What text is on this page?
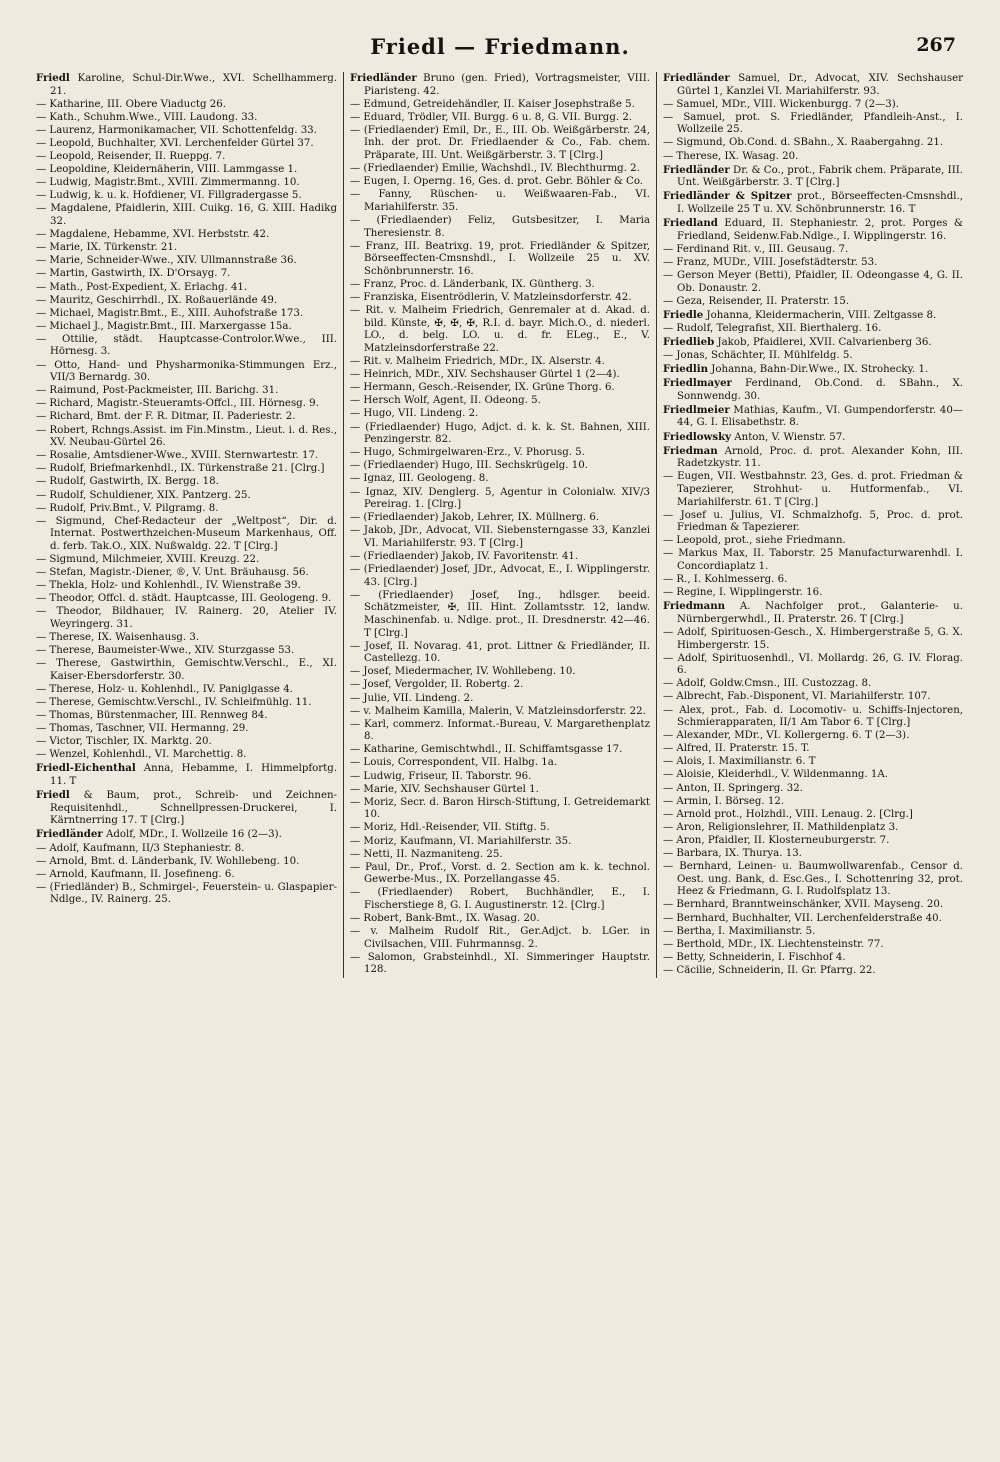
Friedl — Friedmann.	267
Friedl Karoline, Schul-Dir.Wwe., XVI. Schellhammerg. 21.
— Katharine, III. Obere Viaductg 26.
— Kath., Schuhm.Wwe., VIII. Laudong. 33.
— Laurenz, Harmonikamacher, VII. Schottenfeldg. 33.
— Leopold, Buchhalter, XVI. Lerchenfelder Gürtel 37.
— Leopold, Reisender, II. Rueppg. 7.
— Leopoldine, Kleidernäherin, VIII. Lammgasse 1.
— Ludwig, Magistr.Bmt., XVIII. Zimmermanng. 10.
— Ludwig, k. u. k. Hofdiener, VI. Fillgradergasse 5.
— Magdalene, Pfaidlerin, XIII. Cuikg. 16, G. XIII. Hadikg 32.
— Magdalene, Hebamme, XVI. Herbststr. 42.
— Marie, IX. Türkenstr. 21.
— Marie, Schneider-Wwe., XIV. Ullmannstraße 36.
— Martin, Gastwirth, IX. D'Orsayg. 7.
— Math., Post-Expedient, X. Erlachg. 41.
— Mauritz, Geschirrhdl., IX. Roßauerlände 49.
— Michael, Magistr.Bmt., E., XIII. Auhofstraße 173.
— Michael J., Magistr.Bmt., III. Marxergasse 15a.
— Ottilie, städt. Hauptcasse-Controlor.Wwe., III. Hörnesg. 3.
— Otto, Hand- und Physharmonika-Stimmungen Erz., VII/3 Bernardg. 30.
— Raimund, Post-Packmeister, III. Barichg. 31.
— Richard, Magistr.-Steueramts-Offcl., III. Hörnesg. 9.
— Richard, Bmt. der F. R. Ditmar, II. Paderiestr. 2.
— Robert, Rchngs.Assist. im Fin.Minstm., Lieut. i. d. Res., XV. Neubau-Gürtel 26.
— Rosalie, Amtsdiener-Wwe., XVIII. Sternwartestr. 17.
— Rudolf, Briefmarkenhdl., IX. Türkenstraße 21. [Clrg.]
— Rudolf, Gastwirth, IX. Bergg. 18.
— Rudolf, Schuldiener, XIX. Pantzerg. 25.
— Rudolf, Priv.Bmt., V. Pilgramg. 8.
— Sigmund, Chef-Redacteur der „Weltpost“, Dir. d. Internat. Postwerthzeichen-Museum Markenhaus, Off. d. ferb. Tak.O., XIX. Nußwaldg. 22. T [Clrg.]
— Sigmund, Milchmeier, XVIII. Kreuzg. 22.
— Stefan, Magistr.-Diener, ®, V. Unt. Bräuhausg. 56.
— Thekla, Holz- und Kohlenhdl., IV. Wienstraße 39.
— Theodor, Offcl. d. städt. Hauptcasse, III. Geologeng. 9.
— Theodor, Bildhauer, IV. Rainerg. 20, Atelier IV. Weyringerg. 31.
— Therese, IX. Waisenhausg. 3.
— Therese, Baumeister-Wwe., XIV. Sturzgasse 53.
— Therese, Gastwirthin, Gemischtw.Verschl., E., XI. Kaiser-Ebersdorferstr. 30.
— Therese, Holz- u. Kohlenhdl., IV. Paniglgasse 4.
— Therese, Gemischtw.Verschl., IV. Schleifmühlg. 11.
— Thomas, Bürstenmacher, III. Rennweg 84.
— Thomas, Taschner, VII. Hermanng. 29.
— Victor, Tischler, IX. Marktg. 20.
— Wenzel, Kohlenhdl., VI. Marchettig. 8.
Friedl-Eichenthal Anna, Hebamme, I. Himmelpfortg. 11. T
Friedl & Baum, prot., Schreib- und Zeichnen-Requisitenhdl., Schnellpressen-Druckerei, I. Kärntnerring 17. T [Clrg.]
Friedländer Adolf, MDr., I. Wollzeile 16 (2—3).
— Adolf, Kaufmann, II/3 Stephaniestr. 8.
— Arnold, Bmt. d. Länderbank, IV. Wohllebeng. 10.
— Arnold, Kaufmann, II. Josefineng. 6.
— (Friedländer) B., Schmirgel-, Feuerstein- u. Glaspapier-Ndlge., IV. Rainerg. 25.
Friedländer Bruno (gen. Fried), Vortragsmeister, VIII. Piaristeng. 42.
— Edmund, Getreidehändler, II. Kaiser Josephstraße 5.
— Eduard, Trödler, VII. Burgg. 6 u. 8, G. VII. Burgg. 2.
— (Friedlaender) Emil, Dr., E., III. Ob. Weißgärberstr. 24, Inh. der prot. Dr. Friedlaender & Co., Fab. chem. Präparate, III. Unt. Weißgärberstr. 3. T [Clrg.]
— (Friedlaender) Emilie, Wachshdl., IV. Blechthurmg. 2.
— Eugen, I. Operng. 16, Ges. d. prot. Gebr. Böhler & Co.
— Fanny, Rüschen- u. Weißwaaren-Fab., VI. Mariahilferstr. 35.
— (Friedlaender) Feliz, Gutsbesitzer, I. Maria Theresienstr. 8.
— Franz, III. Beatrixg. 19, prot. Friedländer & Spitzer, Börseeffecten-Cmsnshdl., I. Wollzeile 25 u. XV. Schönbrunnerstr. 16.
— Franz, Proc. d. Länderbank, IX. Güntherg. 3.
— Franziska, Eisentrödlerin, V. Matzleinsdorferstr. 42.
— Rit. v. Malheim Friedrich, Genremaler at d. Akad. d. bild. Künste, ✠, ✠, ✠, R.I. d. bayr. Mich.O., d. niederl. LO., d. belg. LO. u. d. fr. ELeg., E., V. Matzleinsdorferstraße 22.
— Rit. v. Malheim Friedrich, MDr., IX. Alserstr. 4.
— Heinrich, MDr., XIV. Sechshauser Gürtel 1 (2—4).
— Hermann, Gesch.-Reisender, IX. Grüne Thorg. 6.
— Hersch Wolf, Agent, II. Odeong. 5.
— Hugo, VII. Lindeng. 2.
— (Friedlaender) Hugo, Adjct. d. k. k. St. Bahnen, XIII. Penzingerstr. 82.
— Hugo, Schmirgelwaren-Erz., V. Phorusg. 5.
— (Friedlaender) Hugo, III. Sechskrügelg. 10.
— Ignaz, III. Geologeng. 8.
— Ignaz, XIV. Denglerg. 5, Agentur in Colonialw. XIV/3 Pereirag. 1. [Clrg.]
— (Friedlaender) Jakob, Lehrer, IX. Müllnerg. 6.
— Jakob, JDr., Advocat, VII. Siebensterngasse 33, Kanzlei VI. Mariahilferstr. 93. T [Clrg.]
— (Friedlaender) Jakob, IV. Favoritenstr. 41.
— (Friedlaender) Josef, JDr., Advocat, E., I. Wipplingerstr. 43. [Clrg.]
— (Friedlaender) Josef, Ing., hdlsger. beeid. Schätzmeister, ✠, III. Hint. Zollamtsstr. 12, landw. Maschinenfab. u. Ndlge. prot., II. Dresdnerstr. 42—46. T [Clrg.]
— Josef, II. Novarag. 41, prot. Littner & Friedländer, II. Castellezg. 10.
— Josef, Miedermacher, IV. Wohllebeng. 10.
— Josef, Vergolder, II. Robertg. 2.
— Julie, VII. Lindeng. 2.
— v. Malheim Kamilla, Malerin, V. Matzleinsdorferstr. 22.
— Karl, commerz. Informat.-Bureau, V. Margarethenplatz 8.
— Katharine, Gemischtwhdl., II. Schiffamtsgasse 17.
— Louis, Correspondent, VII. Halbg. 1a.
— Ludwig, Friseur, II. Taborstr. 96.
— Marie, XIV. Sechshauser Gürtel 1.
— Moriz, Secr. d. Baron Hirsch-Stiftung, I. Getreidemarkt 10.
— Moriz, Hdl.-Reisender, VII. Stiftg. 5.
— Moriz, Kaufmann, VI. Mariahilferstr. 35.
— Netti, II. Nazmaniteng. 25.
— Paul, Dr., Prof., Vorst. d. 2. Section am k. k. technol. Gewerbe-Mus., IX. Porzellangasse 45.
— (Friedlaender) Robert, Buchhändler, E., I. Fischerstiege 8, G. I. Augustinerstr. 12. [Clrg.]
— Robert, Bank-Bmt., IX. Wasag. 20.
— v. Malheim Rudolf Rit., Ger.Adjct. b. LGer. in Civilsachen, VIII. Fuhrmannsg. 2.
— Salomon, Grabsteinhdl., XI. Simmeringer Hauptstr. 128.
Friedländer Samuel, Dr., Advocat, XIV. Sechshauser Gürtel 1, Kanzlei VI. Mariahilferstr. 93.
— Samuel, MDr., VIII. Wickenburgg. 7 (2—3).
— Samuel, prot. S. Friedländer, Pfandleih-Anst., I. Wollzeile 25.
— Sigmund, Ob.Cond. d. SBahn., X. Raabergahng. 21.
— Therese, IX. Wasag. 20.
Friedländer Dr. & Co., prot., Fabrik chem. Präparate, III. Unt. Weißgärberstr. 3. T [Clrg.]
Friedländer & Spitzer prot., Börseeffecten-Cmsnshdl., I. Wollzeile 25 T u. XV. Schönbrunnerstr. 16. T
Friedland Eduard, II. Stephaniestr. 2, prot. Porges & Friedland, Seidenw.Fab.Ndlge., I. Wipplingerstr. 16.
— Ferdinand Rit. v., III. Geusaug. 7.
— Franz, MUDr., VIII. Josefstädterstr. 53.
— Gerson Meyer (Betti), Pfaidler, II. Odeongasse 4, G. II. Ob. Donaustr. 2.
— Geza, Reisender, II. Praterstr. 15.
Friedle Johanna, Kleidermacherin, VIII. Zeltgasse 8.
— Rudolf, Telegrafist, XII. Bierthalerg. 16.
Friedlieb Jakob, Pfaidlerei, XVII. Calvarienberg 36.
— Jonas, Schächter, II. Mühlfeldg. 5.
Friedlin Johanna, Bahn-Dir.Wwe., IX. Strohecky. 1.
Friedlmayer Ferdinand, Ob.Cond. d. SBahn., X. Sonnwendg. 30.
Friedlmeier Mathias, Kaufm., VI. Gumpendorferstr. 40—44, G. I. Elisabethstr. 8.
Friedlowsky Anton, V. Wienstr. 57.
Friedman Arnold, Proc. d. prot. Alexander Kohn, III. Radetzkystr. 11.
— Eugen, VII. Westbahnstr. 23, Ges. d. prot. Friedman & Tapezierer, Strohhut- u. Hutformenfab., VI. Mariahilferstr. 61. T [Clrg.]
— Josef u. Julius, VI. Schmalzhofg. 5, Proc. d. prot. Friedman & Tapezierer.
— Leopold, prot., siehe Friedmann.
— Markus Max, II. Taborstr. 25 Manufacturwarenhdl. I. Concordiaplatz 1.
— R., I. Kohlmesserg. 6.
— Regine, I. Wipplingerstr. 16.
Friedmann A. Nachfolger prot., Galanterie- u. Nürnbergerwhdl., II. Praterstr. 26. T [Clrg.]
— Adolf, Spirituosen-Gesch., X. Himbergerstraße 5, G. X. Himbergerstr. 15.
— Adolf, Spirituosenhdl., VI. Mollardg. 26, G. IV. Florag. 6.
— Adolf, Goldw.Cmsn., III. Custozzag. 8.
— Albrecht, Fab.-Disponent, VI. Mariahilferstr. 107.
— Alex, prot., Fab. d. Locomotiv- u. Schiffs-Injectoren, Schmierapparaten, II/1 Am Tabor 6. T [Clrg.]
— Alexander, MDr., VI. Kollergerng. 6. T (2—3).
— Alfred, II. Praterstr. 15. T.
— Alois, I. Maximilianstr. 6. T
— Aloisie, Kleiderhdl., V. Wildenmanng. 1A.
— Anton, II. Springerg. 32.
— Armin, I. Börseg. 12.
— Arnold prot., Holzhdl., VIII. Lenaug. 2. [Clrg.]
— Aron, Religionslehrer, II. Mathildenplatz 3.
— Aron, Pfaidler, II. Klosterneuburgerstr. 7.
— Barbara, IX. Thurya. 13.
— Bernhard, Leinen- u. Baumwollwarenfab., Censor d. Oest. ung. Bank, d. Esc.Ges., I. Schottenring 32, prot. Heez & Friedmann, G. I. Rudolfsplatz 13.
— Bernhard, Branntweinschänker, XVII. Mayseng. 20.
— Bernhard, Buchhalter, VII. Lerchenfelderstraße 40.
— Bertha, I. Maximilianstr. 5.
— Berthold, MDr., IX. Liechtensteinstr. 77.
— Betty, Schneiderin, I. Fischhof 4.
— Cäcilie, Schneiderin, II. Gr. Pfarrg. 22.
